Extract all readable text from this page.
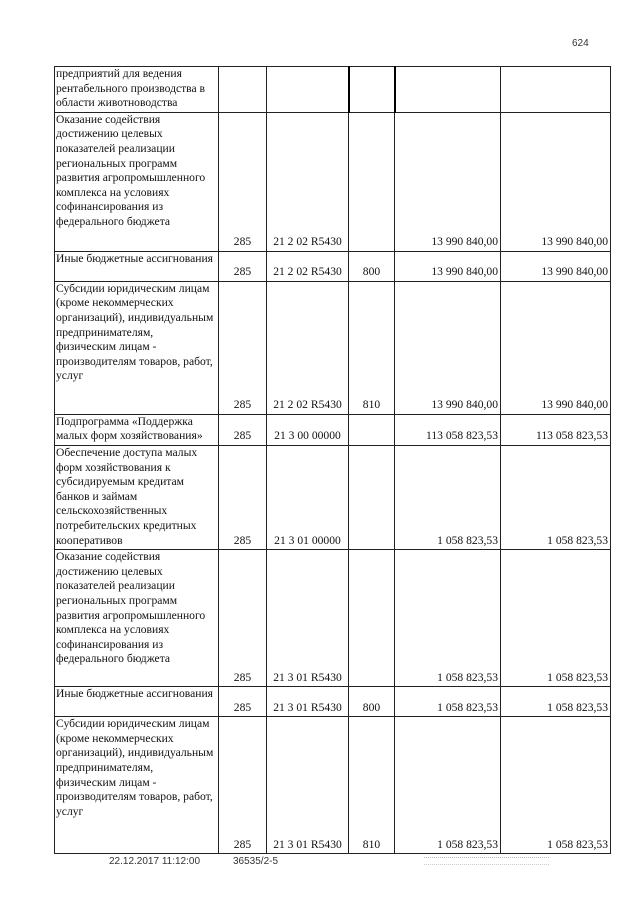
624
предприятий для ведения рентабельного производства в области животноводства					
Оказание содействия достижению целевых показателей реализации региональных программ развития агропромышленного комплекса на условиях софинансирования из федерального бюджета	285	21 2 02 R5430		13 990 840,00	13 990 840,00
Иные бюджетные ассигнования	285	21 2 02 R5430	800	13 990 840,00	13 990 840,00
Субсидии юридическим лицам (кроме некоммерческих организаций), индивидуальным предпринимателям, физическим лицам - производителям товаров, работ, услуг	285	21 2 02 R5430	810	13 990 840,00	13 990 840,00
Подпрограмма «Поддержка малых форм хозяйствования»	285	21 3 00 00000		113 058 823,53	113 058 823,53
Обеспечение доступа малых форм хозяйствования к субсидируемым кредитам банков и займам сельскохозяйственных потребительских кредитных кооперативов	285	21 3 01 00000		1 058 823,53	1 058 823,53
Оказание содействия достижению целевых показателей реализации региональных программ развития агропромышленного комплекса на условиях софинансирования из федерального бюджета	285	21 3 01 R5430		1 058 823,53	1 058 823,53
Иные бюджетные ассигнования	285	21 3 01 R5430	800	1 058 823,53	1 058 823,53
Субсидии юридическим лицам (кроме некоммерческих организаций), индивидуальным предпринимателям, физическим лицам - производителям товаров, работ, услуг	285	21 3 01 R5430	810	1 058 823,53	1 058 823,53
22.12.2017 11:12:00	36535/2-5
